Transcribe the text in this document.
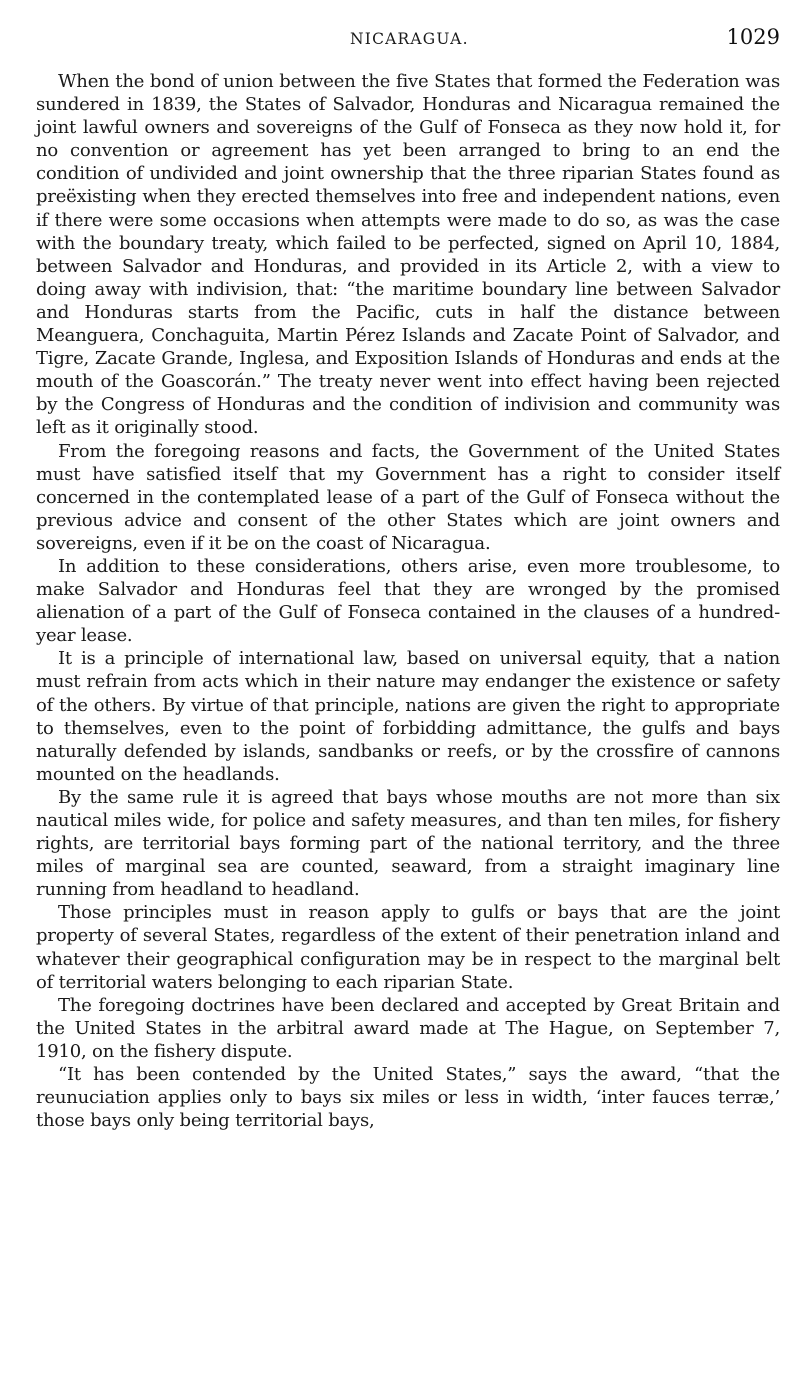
NICARAGUA.	1029

When the bond of union between the five States that formed the Federation was sundered in 1839, the States of Salvador, Honduras and Nicaragua remained the joint lawful owners and sovereigns of the Gulf of Fonseca as they now hold it, for no convention or agreement has yet been arranged to bring to an end the condition of undivided and joint ownership that the three riparian States found as preëxisting when they erected themselves into free and independent nations, even if there were some occasions when attempts were made to do so, as was the case with the boundary treaty, which failed to be perfected, signed on April 10, 1884, between Salvador and Honduras, and provided in its Article 2, with a view to doing away with indivision, that: “the maritime boundary line between Salvador and Honduras starts from the Pacific, cuts in half the distance between Meanguera, Conchaguita, Martin Pérez Islands and Zacate Point of Salvador, and Tigre, Zacate Grande, Inglesa, and Exposition Islands of Honduras and ends at the mouth of the Goascorán.” The treaty never went into effect having been rejected by the Congress of Honduras and the condition of indivision and community was left as it originally stood.

From the foregoing reasons and facts, the Government of the United States must have satisfied itself that my Government has a right to consider itself concerned in the contemplated lease of a part of the Gulf of Fonseca without the previous advice and consent of the other States which are joint owners and sovereigns, even if it be on the coast of Nicaragua.

In addition to these considerations, others arise, even more troublesome, to make Salvador and Honduras feel that they are wronged by the promised alienation of a part of the Gulf of Fonseca contained in the clauses of a hundred-year lease.

It is a principle of international law, based on universal equity, that a nation must refrain from acts which in their nature may endanger the existence or safety of the others. By virtue of that principle, nations are given the right to appropriate to themselves, even to the point of forbidding admittance, the gulfs and bays naturally defended by islands, sandbanks or reefs, or by the crossfire of cannons mounted on the headlands.

By the same rule it is agreed that bays whose mouths are not more than six nautical miles wide, for police and safety measures, and than ten miles, for fishery rights, are territorial bays forming part of the national territory, and the three miles of marginal sea are counted, seaward, from a straight imaginary line running from headland to headland.

Those principles must in reason apply to gulfs or bays that are the joint property of several States, regardless of the extent of their penetration inland and whatever their geographical configuration may be in respect to the marginal belt of territorial waters belonging to each riparian State.

The foregoing doctrines have been declared and accepted by Great Britain and the United States in the arbitral award made at The Hague, on September 7, 1910, on the fishery dispute.

“It has been contended by the United States,” says the award, “that the reunuciation applies only to bays six miles or less in width, ‘inter fauces terræ,’ those bays only being territorial bays,
